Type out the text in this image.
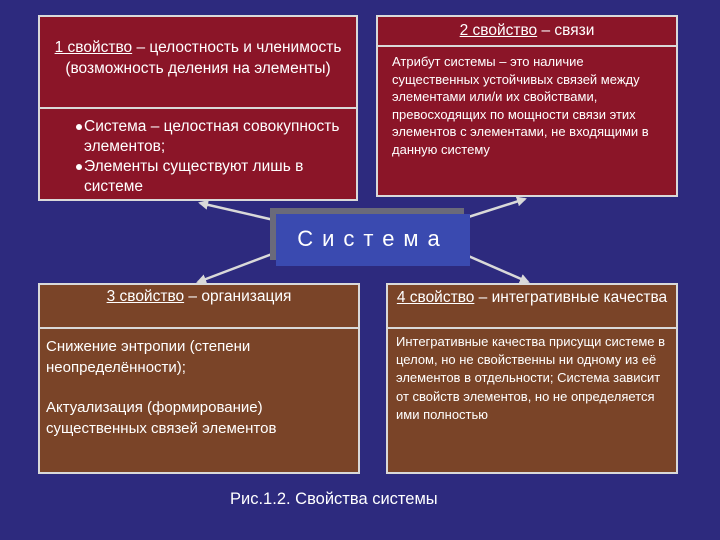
1 свойство – целостность и членимость (возможность деления на элементы)
Система – целостная совокупность элементов;
Элементы существуют лишь в системе
2 свойство – связи
Атрибут системы – это наличие существенных устойчивых связей между элементами или/и их свойствами, превосходящих по мощности связи этих элементов с элементами, не входящими в данную систему
Система
3 свойство – организация
Снижение энтропии (степени неопределённости);
Актуализация (формирование) существенных связей элементов
4 свойство – интегративные качества
Интегративные качества присущи системе в целом, но не свойственны ни одному из её элементов в отдельности; Система зависит от свойств элементов, но не определяется ими полностью
Рис.1.2. Свойства системы
